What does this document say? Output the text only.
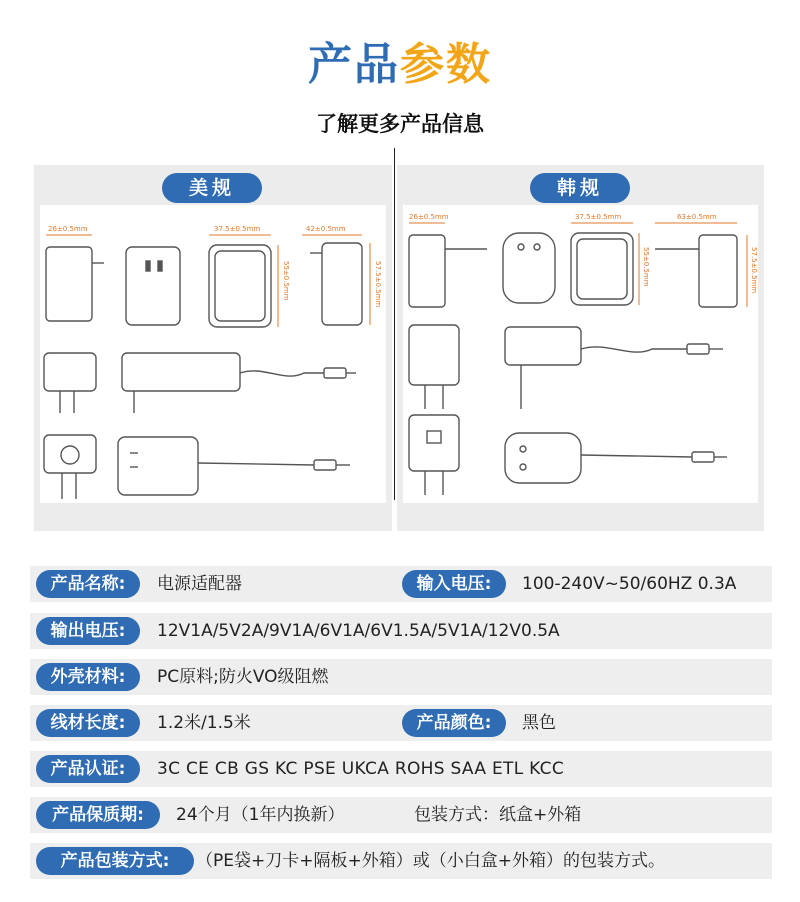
产品参数
了解更多产品信息
美规
26±0.5mm	37.5±0.5mm	42±0.5mm
55±0.5mm	57.5±0.5mm
韩规
26±0.5mm	37.5±0.5mm	63±0.5mm
55±0.5mm	57.5±0.5mm
产品名称:	电源适配器	输入电压:	100-240V~50/60HZ 0.3A
输出电压:	12V1A/5V2A/9V1A/6V1A/6V1.5A/5V1A/12V0.5A
外壳材料:	PC原料;防火VO级阻燃
线材长度:	1.2米/1.5米	产品颜色:	黑色
产品认证:	3C CE CB GS KC PSE UKCA ROHS SAA ETL KCC
产品保质期:	24个月（1年内换新）	包装方式：纸盒+外箱
产品包装方式:	（PE袋+刀卡+隔板+外箱）或（小白盒+外箱）的包装方式。
